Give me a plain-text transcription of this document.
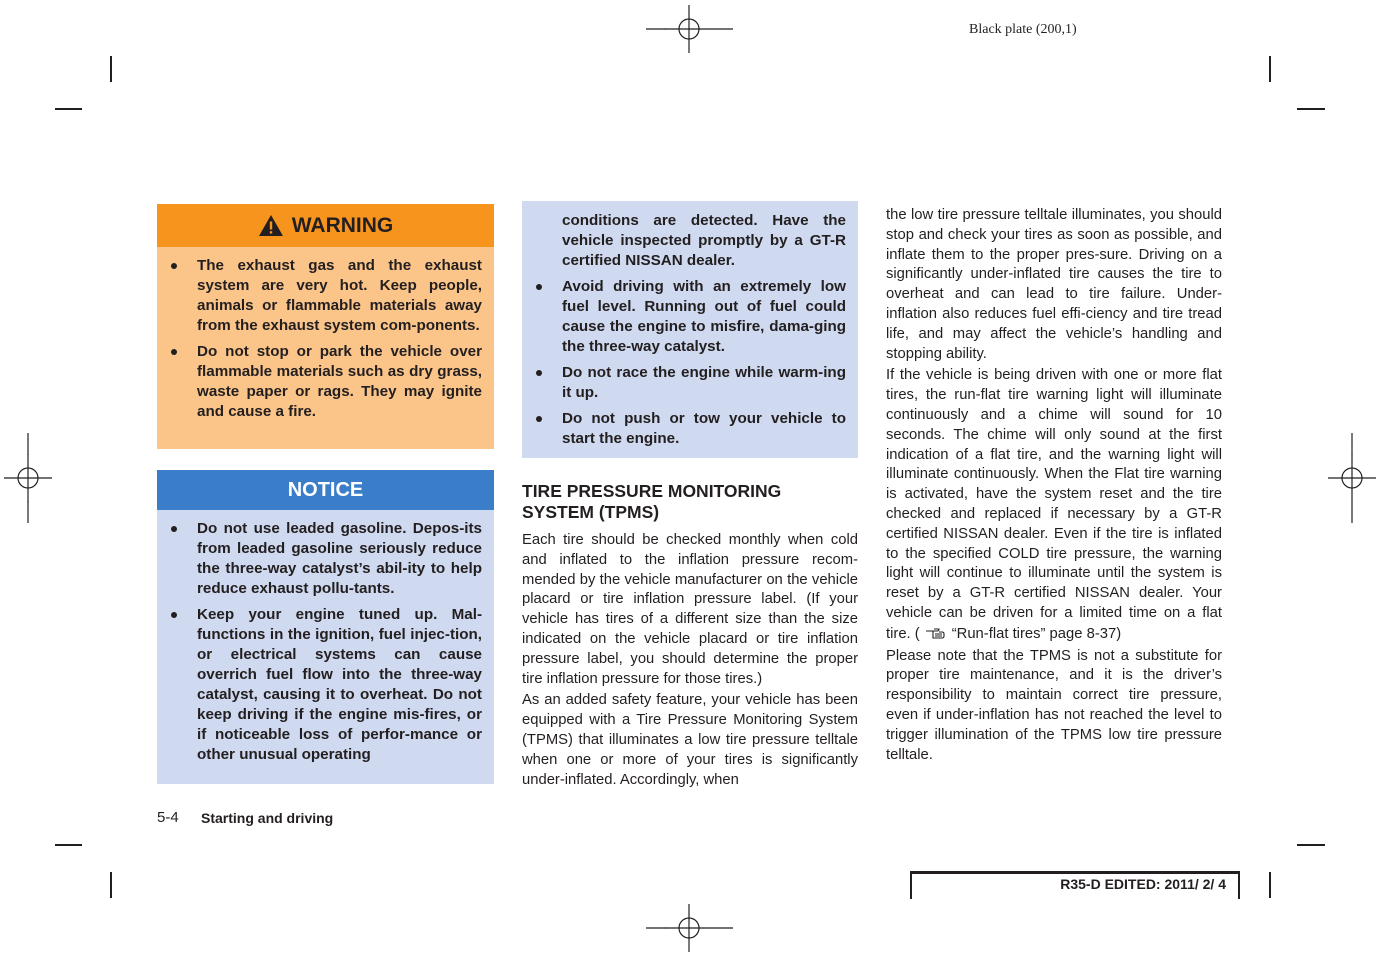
Black plate (200,1)
WARNING
The exhaust gas and the exhaust system are very hot. Keep people, animals or flammable materials away from the exhaust system com-ponents.
Do not stop or park the vehicle over flammable materials such as dry grass, waste paper or rags. They may ignite and cause a fire.
NOTICE
Do not use leaded gasoline. Depos-its from leaded gasoline seriously reduce the three-way catalyst’s abil-ity to help reduce exhaust pollu-tants.
Keep your engine tuned up. Mal-functions in the ignition, fuel injec-tion, or electrical systems can cause overrich fuel flow into the three-way catalyst, causing it to overheat. Do not keep driving if the engine mis-fires, or if noticeable loss of perfor-mance or other unusual operating
conditions are detected. Have the vehicle inspected promptly by a GT-R certified NISSAN dealer.
Avoid driving with an extremely low fuel level. Running out of fuel could cause the engine to misfire, dama-ging the three-way catalyst.
Do not race the engine while warm-ing it up.
Do not push or tow your vehicle to start the engine.
TIRE PRESSURE MONITORING
SYSTEM (TPMS)

Each tire should be checked monthly when cold and inflated to the inflation pressure recom-mended by the vehicle manufacturer on the vehicle placard or tire inflation pressure label. (If your vehicle has tires of a different size than the size indicated on the vehicle placard or tire inflation pressure label, you should determine the proper tire inflation pressure for those tires.)

As an added safety feature, your vehicle has been equipped with a Tire Pressure Monitoring System (TPMS) that illuminates a low tire pressure telltale when one or more of your tires is significantly under-inflated. Accordingly, when

the low tire pressure telltale illuminates, you should stop and check your tires as soon as possible, and inflate them to the proper pres-sure. Driving on a significantly under-inflated tire causes the tire to overheat and can lead to tire failure. Under-inflation also reduces fuel effi-ciency and tire tread life, and may affect the vehicle’s handling and stopping ability.

If the vehicle is being driven with one or more flat tires, the run-flat tire warning light will illuminate continuously and a chime will sound for 10 seconds. The chime will only sound at the first indication of a flat tire, and the warning light will illuminate continuously. When the Flat tire warning is activated, have the system reset and the tire checked and replaced if necessary by a GT-R certified NISSAN dealer. Even if the tire is inflated to the specified COLD tire pressure, the warning light will continue to illuminate until the system is reset by a GT-R certified NISSAN dealer. Your vehicle can be driven for a limited time on a flat tire. ( “Run-flat tires” page 8-37)

Please note that the TPMS is not a substitute for proper tire maintenance, and it is the driver’s responsibility to maintain correct tire pressure, even if under-inflation has not reached the level to trigger illumination of the TPMS low tire pressure telltale.

5-4 Starting and driving
R35-D EDITED: 2011/ 2/ 4
